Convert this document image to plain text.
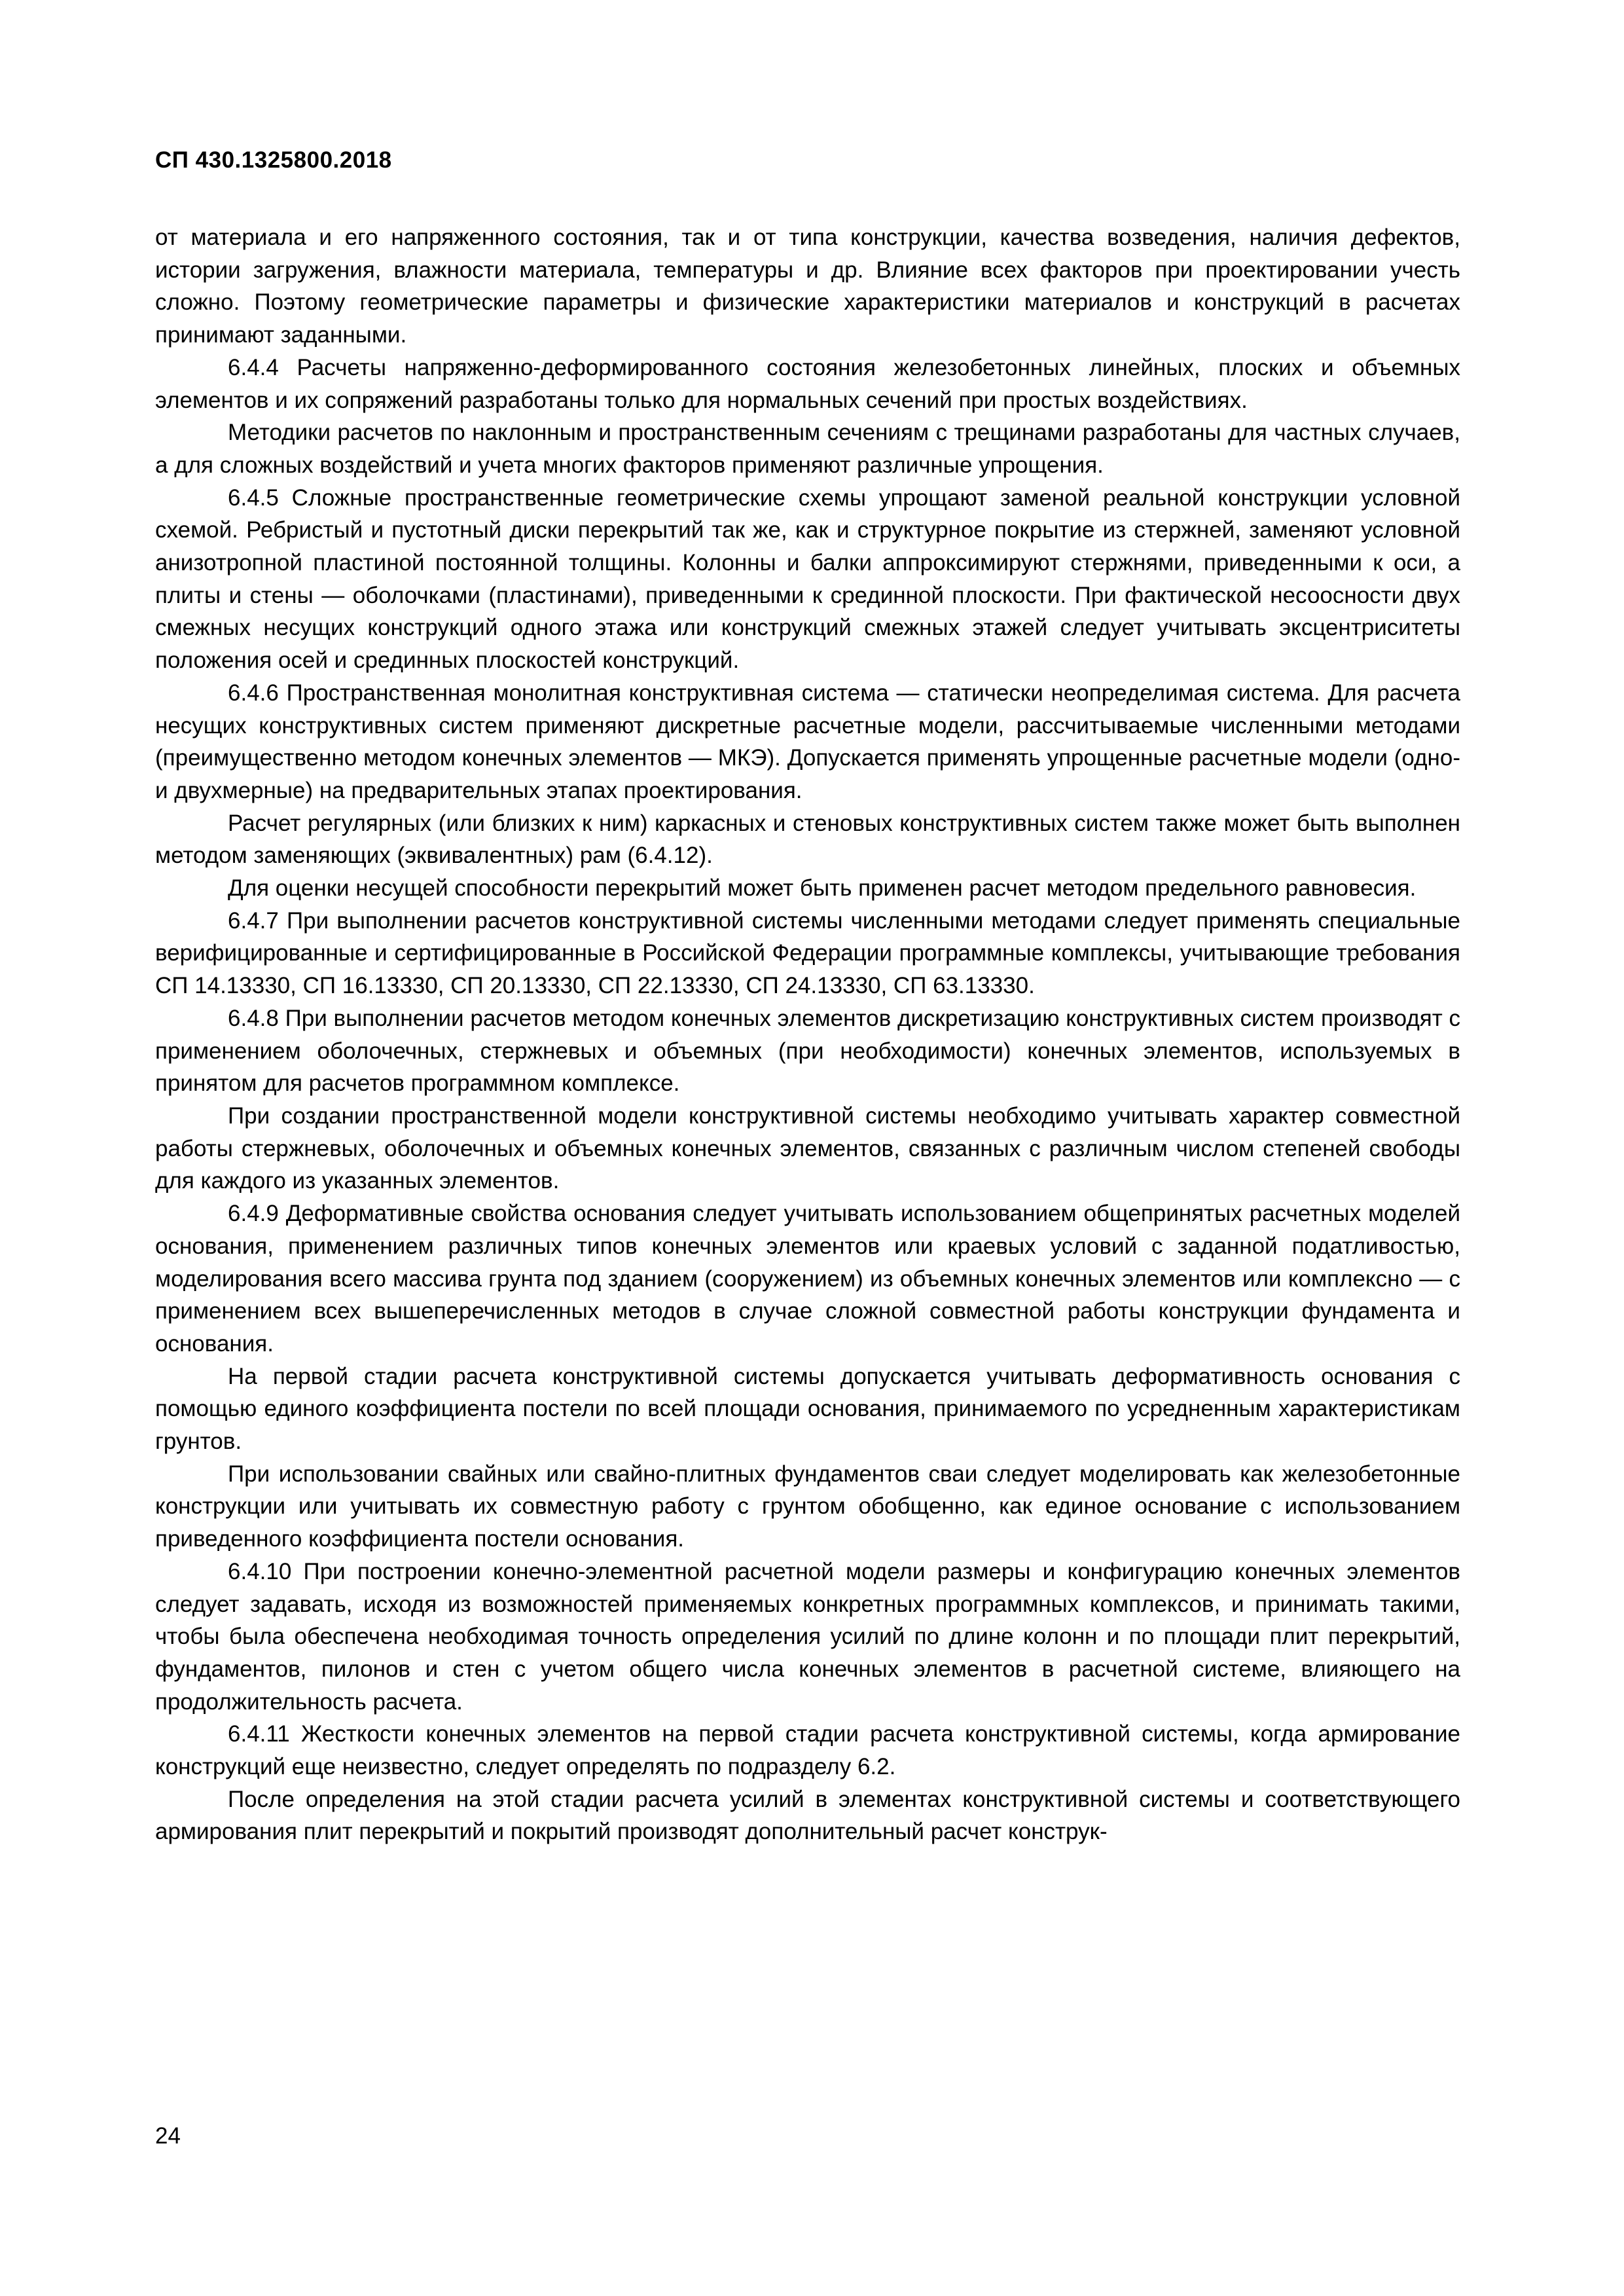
СП 430.1325800.2018

от материала и его напряженного состояния, так и от типа конструкции, качества возведения, наличия дефектов, истории загружения, влажности материала, температуры и др. Влияние всех факторов при проектировании учесть сложно. Поэтому геометрические параметры и физические характеристики материалов и конструкций в расчетах принимают заданными.

6.4.4 Расчеты напряженно-деформированного состояния железобетонных линейных, плоских и объемных элементов и их сопряжений разработаны только для нормальных сечений при простых воздействиях.

Методики расчетов по наклонным и пространственным сечениям с трещинами разработаны для частных случаев, а для сложных воздействий и учета многих факторов применяют различные упрощения.

6.4.5 Сложные пространственные геометрические схемы упрощают заменой реальной конструкции условной схемой. Ребристый и пустотный диски перекрытий так же, как и структурное покрытие из стержней, заменяют условной анизотропной пластиной постоянной толщины. Колонны и балки аппроксимируют стержнями, приведенными к оси, а плиты и стены — оболочками (пластинами), приведенными к срединной плоскости. При фактической несоосности двух смежных несущих конструкций одного этажа или конструкций смежных этажей следует учитывать эксцентриситеты положения осей и срединных плоскостей конструкций.

6.4.6 Пространственная монолитная конструктивная система — статически неопределимая система. Для расчета несущих конструктивных систем применяют дискретные расчетные модели, рассчитываемые численными методами (преимущественно методом конечных элементов — МКЭ). Допускается применять упрощенные расчетные модели (одно- и двухмерные) на предварительных этапах проектирования.

Расчет регулярных (или близких к ним) каркасных и стеновых конструктивных систем также может быть выполнен методом заменяющих (эквивалентных) рам (6.4.12).

Для оценки несущей способности перекрытий может быть применен расчет методом предельного равновесия.

6.4.7 При выполнении расчетов конструктивной системы численными методами следует применять специальные верифицированные и сертифицированные в Российской Федерации программные комплексы, учитывающие требования СП 14.13330, СП 16.13330, СП 20.13330, СП 22.13330, СП 24.13330, СП 63.13330.

6.4.8 При выполнении расчетов методом конечных элементов дискретизацию конструктивных систем производят с применением оболочечных, стержневых и объемных (при необходимости) конечных элементов, используемых в принятом для расчетов программном комплексе.

При создании пространственной модели конструктивной системы необходимо учитывать характер совместной работы стержневых, оболочечных и объемных конечных элементов, связанных с различным числом степеней свободы для каждого из указанных элементов.

6.4.9 Деформативные свойства основания следует учитывать использованием общепринятых расчетных моделей основания, применением различных типов конечных элементов или краевых условий с заданной податливостью, моделирования всего массива грунта под зданием (сооружением) из объемных конечных элементов или комплексно — с применением всех вышеперечисленных методов в случае сложной совместной работы конструкции фундамента и основания.

На первой стадии расчета конструктивной системы допускается учитывать деформативность основания с помощью единого коэффициента постели по всей площади основания, принимаемого по усредненным характеристикам грунтов.

При использовании свайных или свайно-плитных фундаментов сваи следует моделировать как железобетонные конструкции или учитывать их совместную работу с грунтом обобщенно, как единое основание с использованием приведенного коэффициента постели основания.

6.4.10 При построении конечно-элементной расчетной модели размеры и конфигурацию конечных элементов следует задавать, исходя из возможностей применяемых конкретных программных комплексов, и принимать такими, чтобы была обеспечена необходимая точность определения усилий по длине колонн и по площади плит перекрытий, фундаментов, пилонов и стен с учетом общего числа конечных элементов в расчетной системе, влияющего на продолжительность расчета.

6.4.11 Жесткости конечных элементов на первой стадии расчета конструктивной системы, когда армирование конструкций еще неизвестно, следует определять по подразделу 6.2.

После определения на этой стадии расчета усилий в элементах конструктивной системы и соответствующего армирования плит перекрытий и покрытий производят дополнительный расчет конструк-

24
